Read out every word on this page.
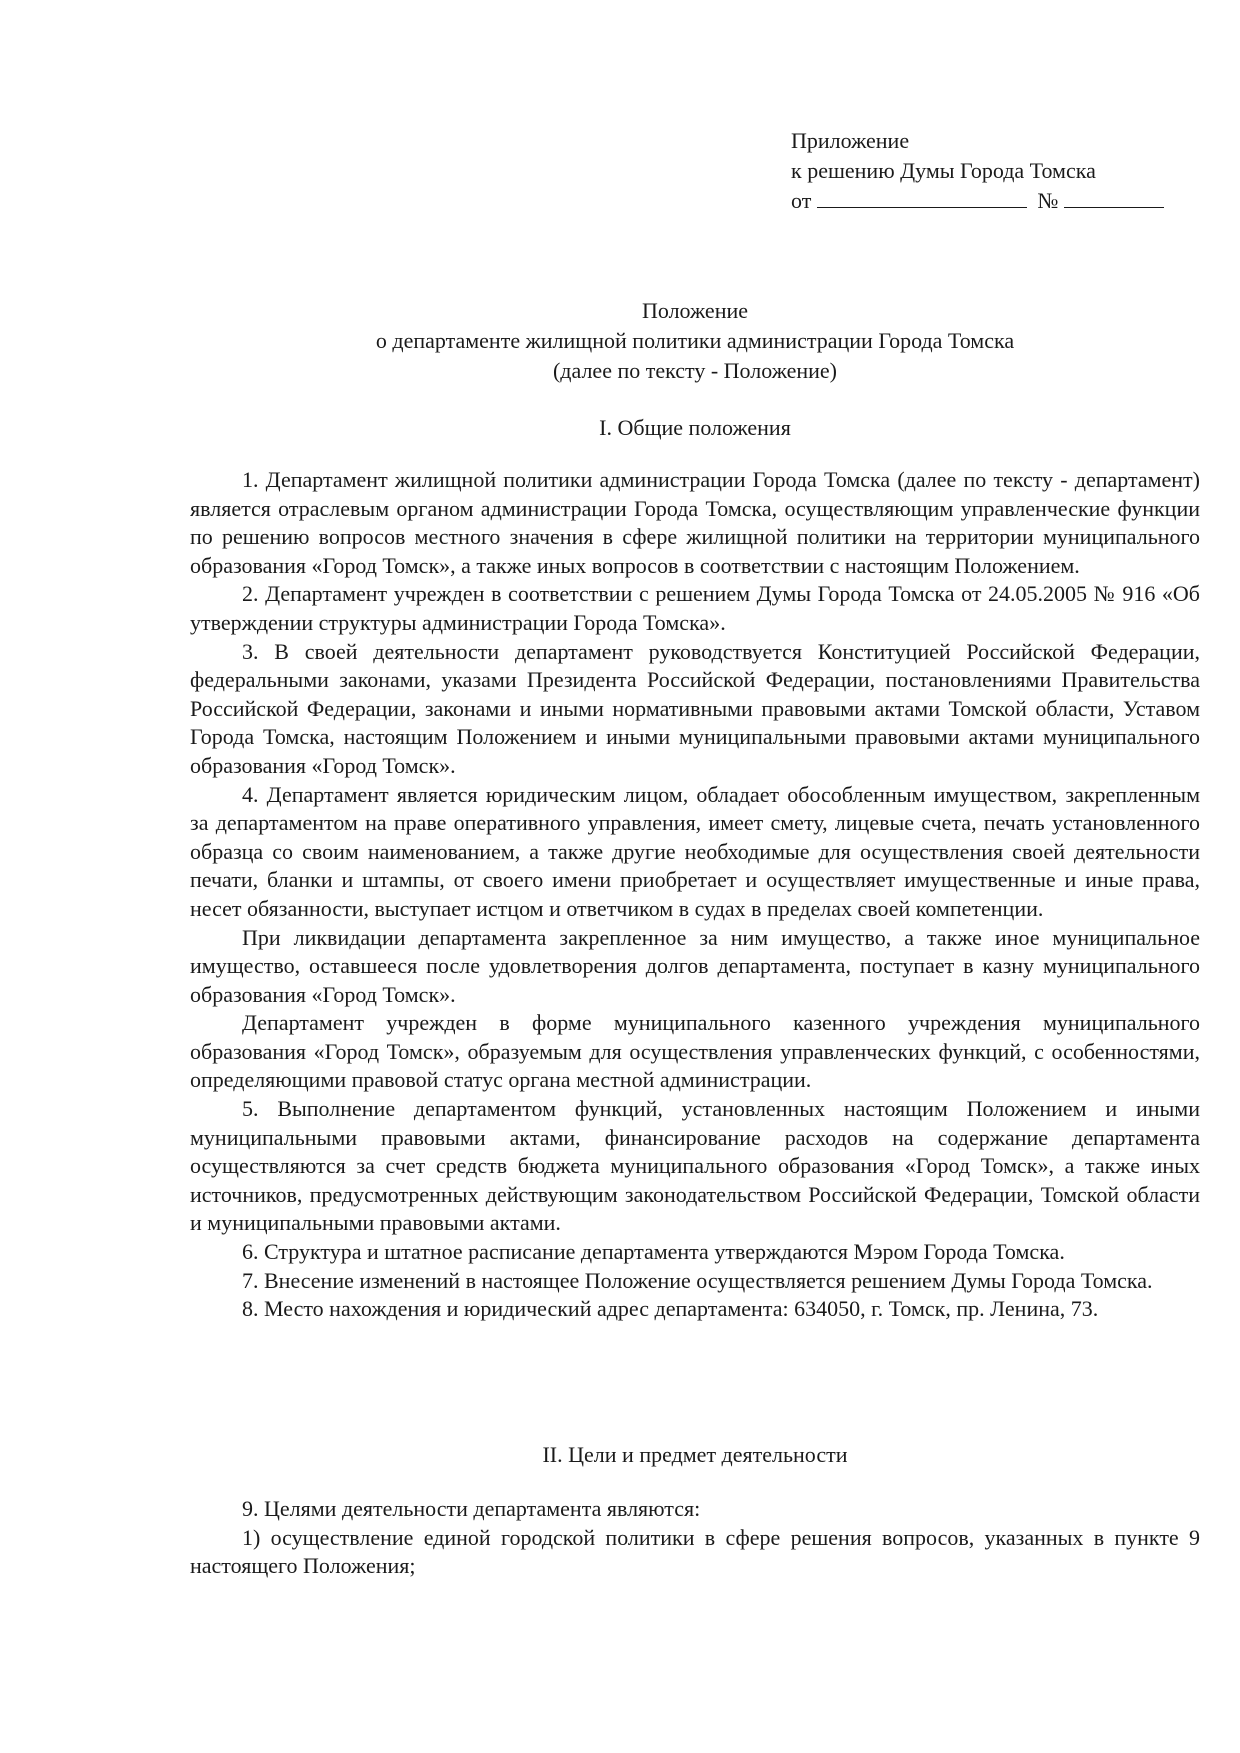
Приложение
к решению Думы Города Томска
от	№
Положение
о департаменте жилищной политики администрации Города Томска
(далее по тексту - Положение)
I. Общие положения

1. Департамент жилищной политики администрации Города Томска (далее по тексту - департамент) является отраслевым органом администрации Города Томска, осуществляющим управленческие функции по решению вопросов местного значения в сфере жилищной политики на территории муниципального образования «Город Томск», а также иных вопросов в соответствии с настоящим Положением.

2. Департамент учрежден в соответствии с решением Думы Города Томска от 24.05.2005 № 916 «Об утверждении структуры администрации Города Томска».

3. В своей деятельности департамент руководствуется Конституцией Российской Федерации, федеральными законами, указами Президента Российской Федерации, постановлениями Правительства Российской Федерации, законами и иными нормативными правовыми актами Томской области, Уставом Города Томска, настоящим Положением и иными муниципальными правовыми актами муниципального образования «Город Томск».

4. Департамент является юридическим лицом, обладает обособленным имуществом, закрепленным за департаментом на праве оперативного управления, имеет смету, лицевые счета, печать установленного образца со своим наименованием, а также другие необходимые для осуществления своей деятельности печати, бланки и штампы, от своего имени приобретает и осуществляет имущественные и иные права, несет обязанности, выступает истцом и ответчиком в судах в пределах своей компетенции.

При ликвидации департамента закрепленное за ним имущество, а также иное муниципальное имущество, оставшееся после удовлетворения долгов департамента, поступает в казну муниципального образования «Город Томск».

Департамент учрежден в форме муниципального казенного учреждения муниципального образования «Город Томск», образуемым для осуществления управленческих функций, с особенностями, определяющими правовой статус органа местной администрации.

5. Выполнение департаментом функций, установленных настоящим Положением и иными муниципальными правовыми актами, финансирование расходов на содержание департамента осуществляются за счет средств бюджета муниципального образования «Город Томск», а также иных источников, предусмотренных действующим законодательством Российской Федерации, Томской области и муниципальными правовыми актами.

6. Структура и штатное расписание департамента утверждаются Мэром Города Томска.

7. Внесение изменений в настоящее Положение осуществляется решением Думы Города Томска.

8. Место нахождения и юридический адрес департамента: 634050, г. Томск, пр. Ленина, 73.

II. Цели и предмет деятельности

9. Целями деятельности департамента являются:

1) осуществление единой городской политики в сфере решения вопросов, указанных в пункте 9 настоящего Положения;
